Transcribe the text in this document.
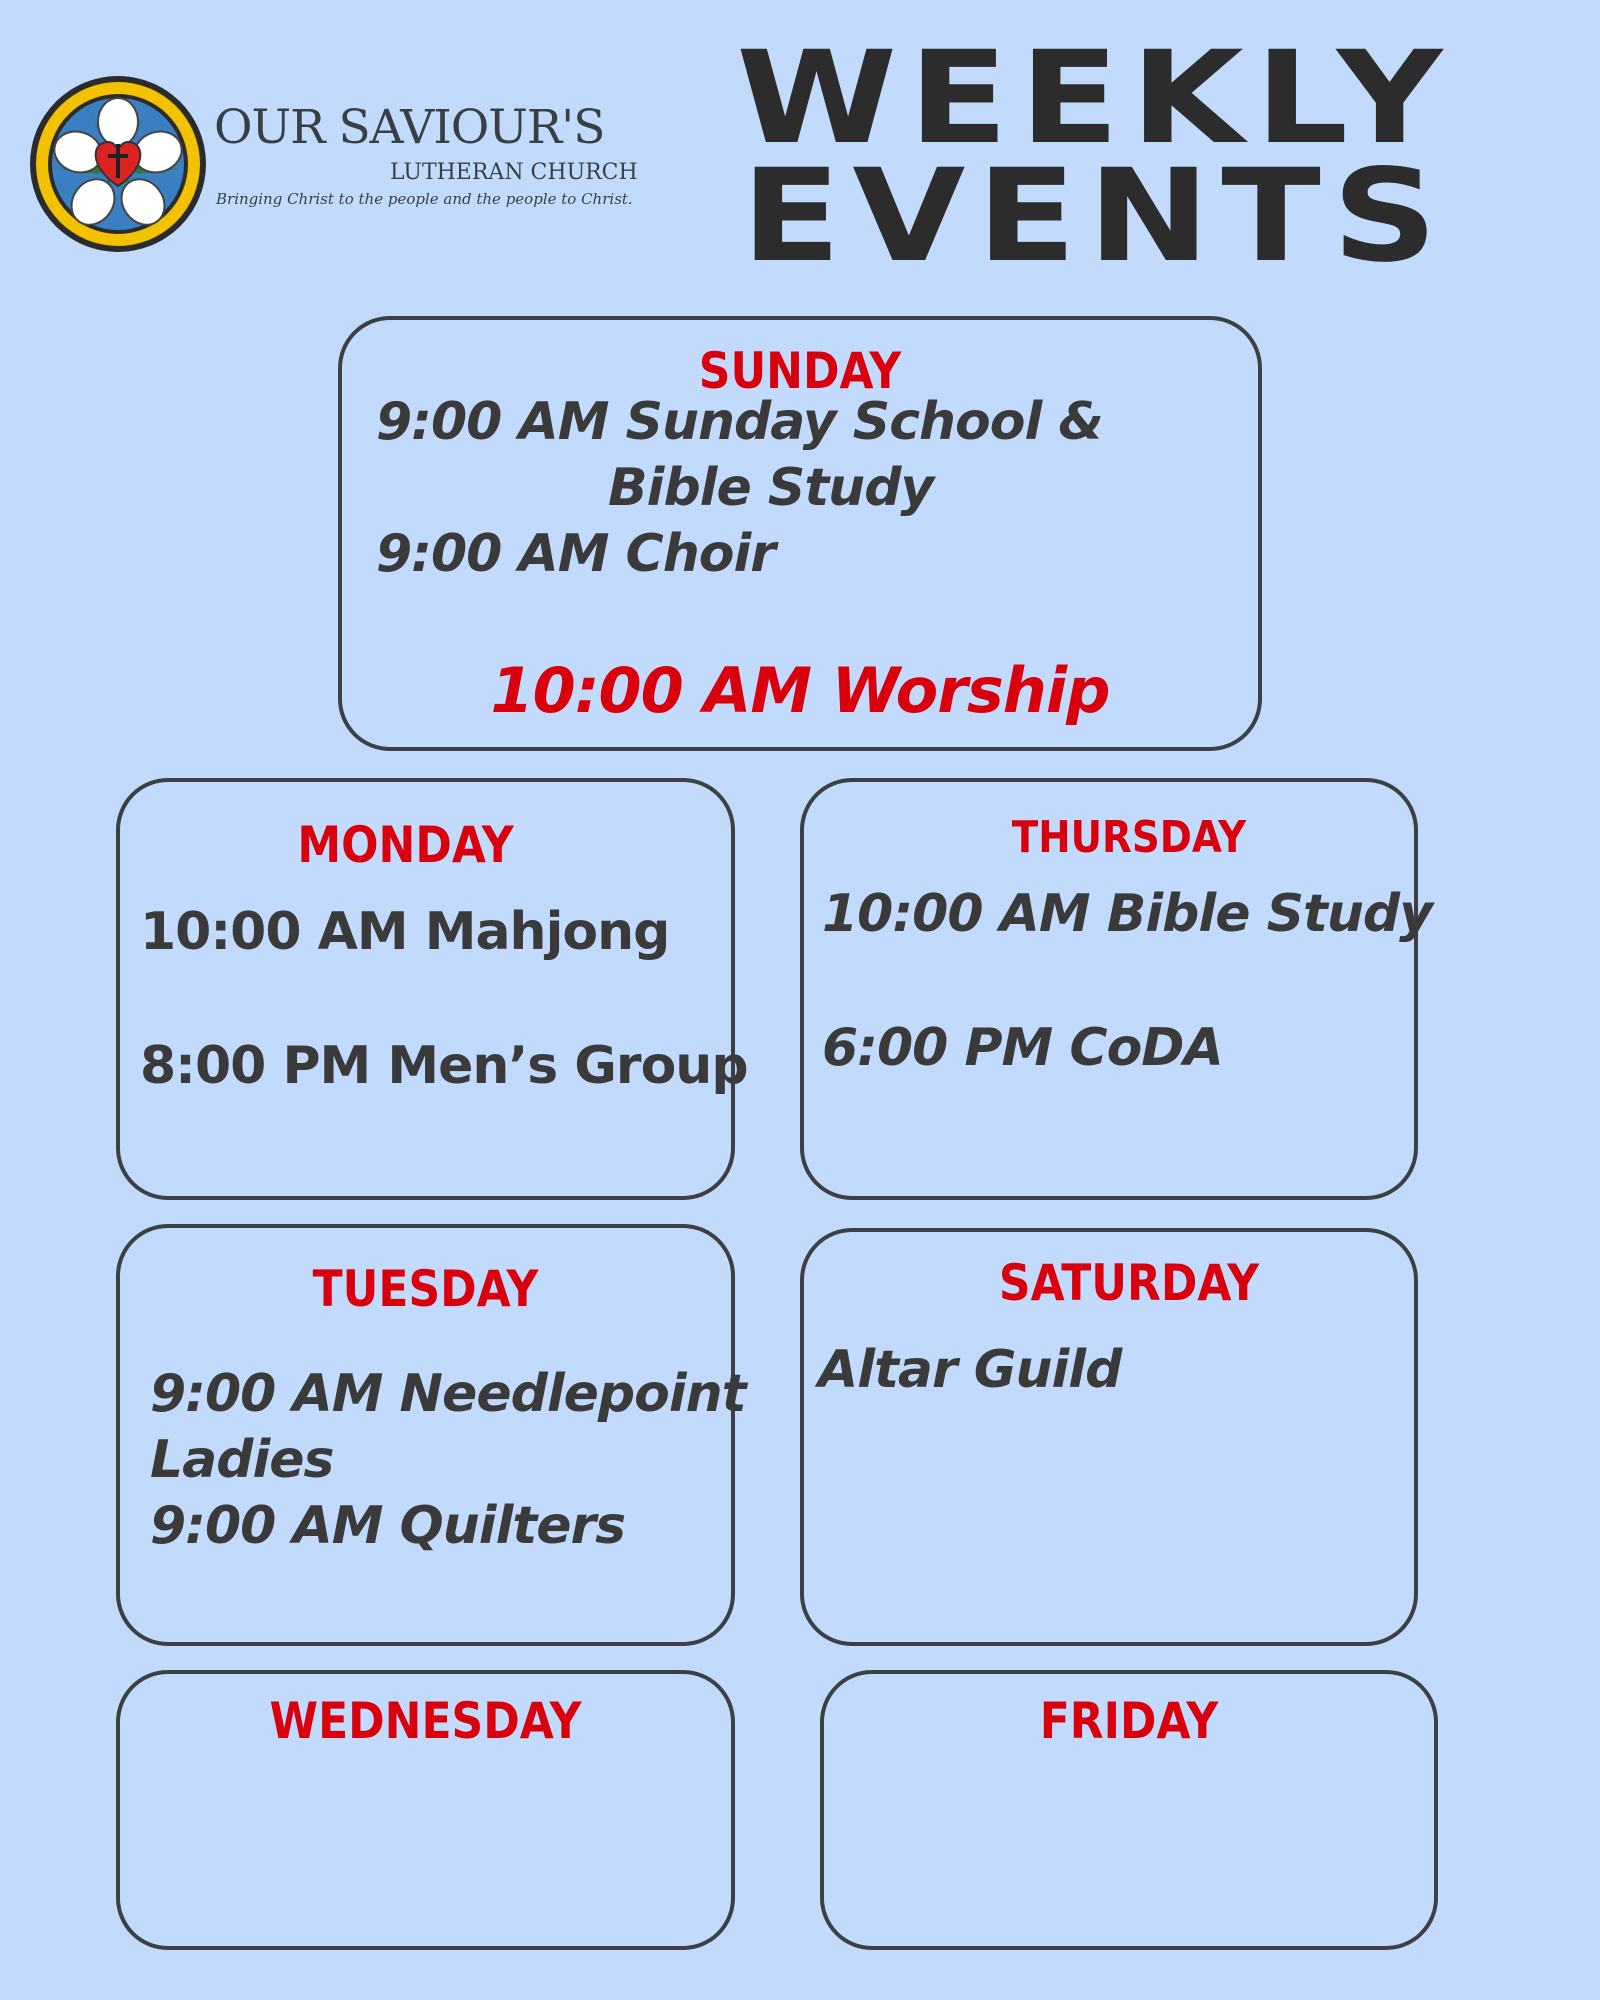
OUR SAVIOUR'S
LUTHERAN CHURCH
Bringing Christ to the people and the people to Christ.
WEEKLY
EVENTS
SUNDAY
9:00 AM Sunday School &
Bible Study
9:00 AM Choir
10:00 AM Worship
MONDAY
10:00 AM Mahjong
8:00 PM Men’s Group
THURSDAY
10:00 AM Bible Study
6:00 PM CoDA
TUESDAY
9:00 AM Needlepoint
Ladies
9:00 AM Quilters
SATURDAY
Altar Guild
WEDNESDAY	FRIDAY
